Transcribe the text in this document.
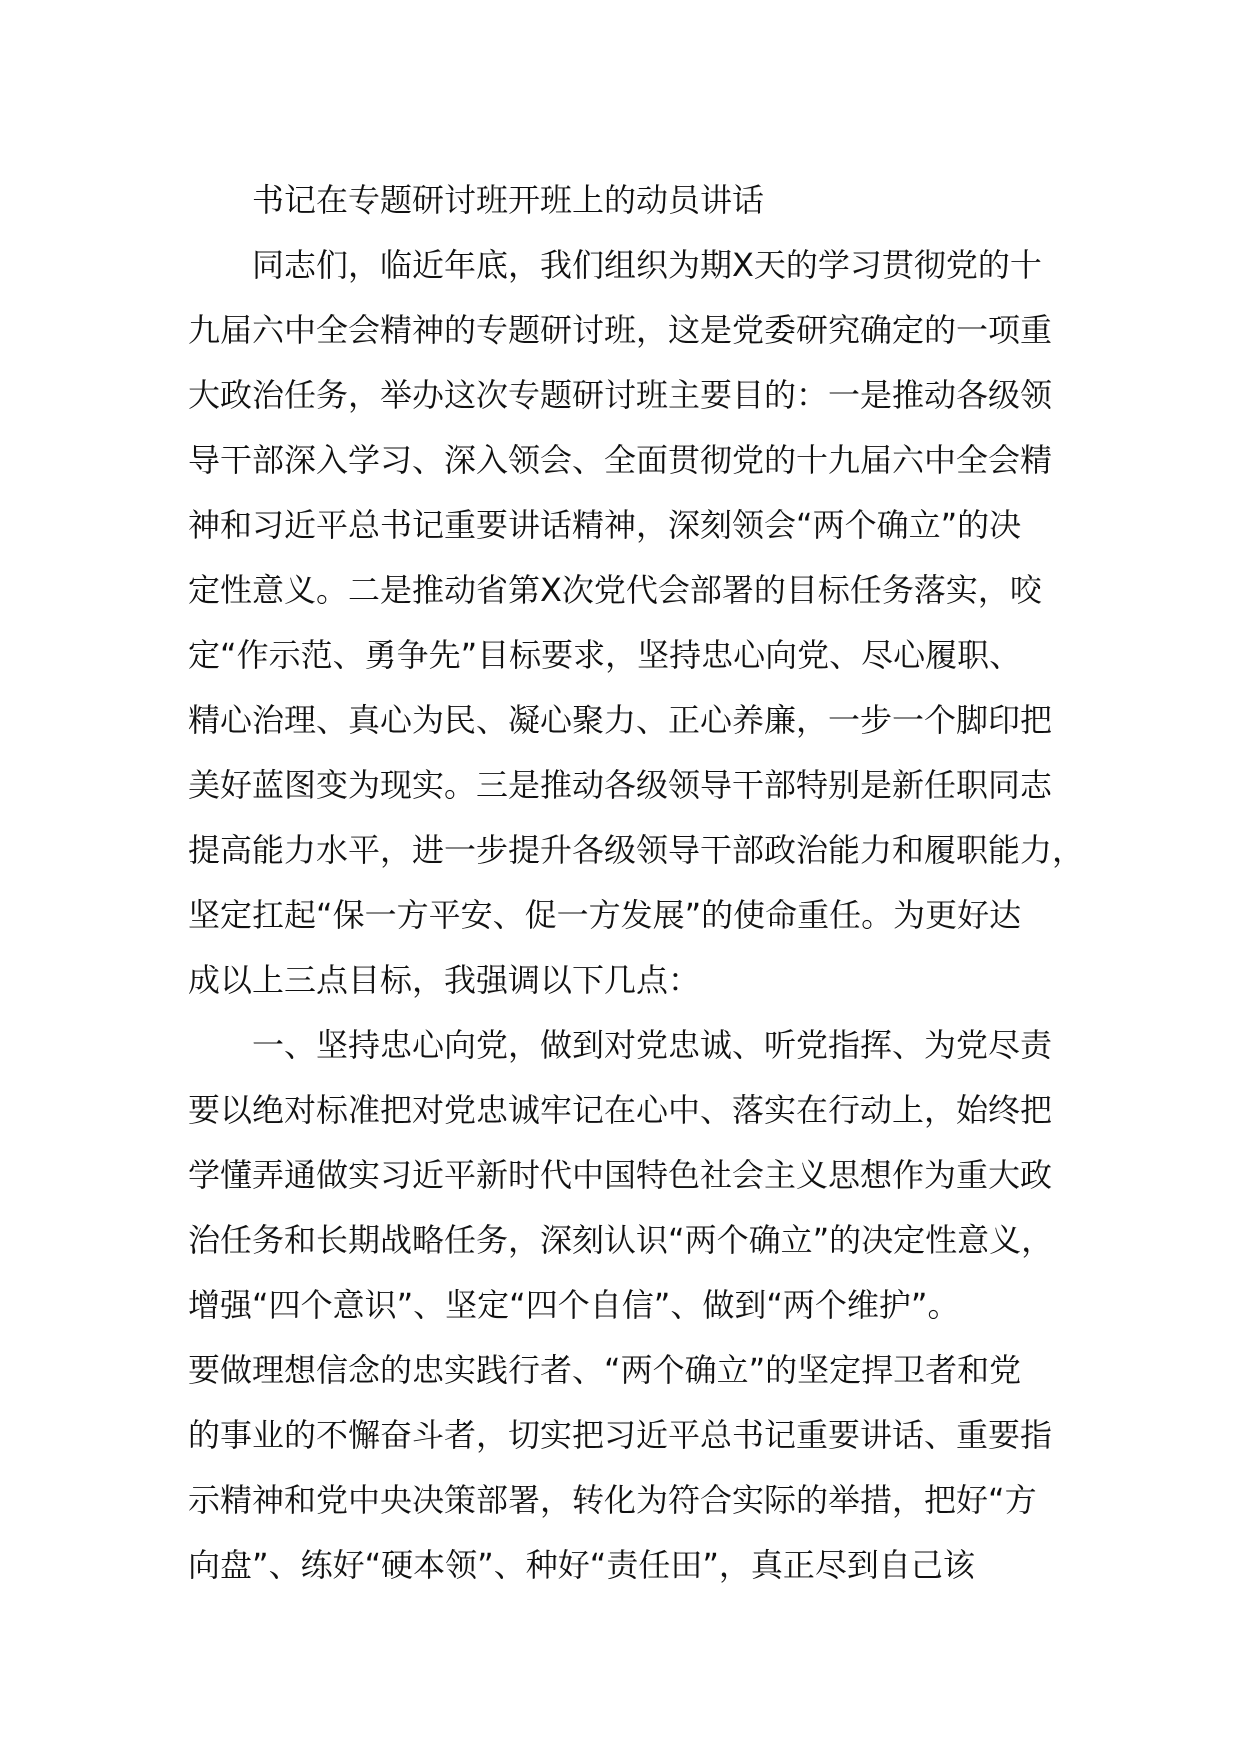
书记在专题研讨班开班上的动员讲话
同志们，临近年底，我们组织为期X天的学习贯彻党的十
九届六中全会精神的专题研讨班，这是党委研究确定的一项重
大政治任务，举办这次专题研讨班主要目的：一是推动各级领
导干部深入学习、深入领会、全面贯彻党的十九届六中全会精
神和习近平总书记重要讲话精神，深刻领会“两个确立”的决
定性意义。二是推动省第X次党代会部署的目标任务落实，咬
定“作示范、勇争先”目标要求，坚持忠心向党、尽心履职、
精心治理、真心为民、凝心聚力、正心养廉，一步一个脚印把
美好蓝图变为现实。三是推动各级领导干部特别是新任职同志
提高能力水平，进一步提升各级领导干部政治能力和履职能力，
坚定扛起“保一方平安、促一方发展”的使命重任。为更好达
成以上三点目标，我强调以下几点：
一、坚持忠心向党，做到对党忠诚、听党指挥、为党尽责
要以绝对标准把对党忠诚牢记在心中、落实在行动上，始终把
学懂弄通做实习近平新时代中国特色社会主义思想作为重大政
治任务和长期战略任务，深刻认识“两个确立”的决定性意义，
增强“四个意识”、坚定“四个自信”、做到“两个维护”。
要做理想信念的忠实践行者、“两个确立”的坚定捍卫者和党
的事业的不懈奋斗者，切实把习近平总书记重要讲话、重要指
示精神和党中央决策部署，转化为符合实际的举措，把好“方
向盘”、练好“硬本领”、种好“责任田”，真正尽到自己该
